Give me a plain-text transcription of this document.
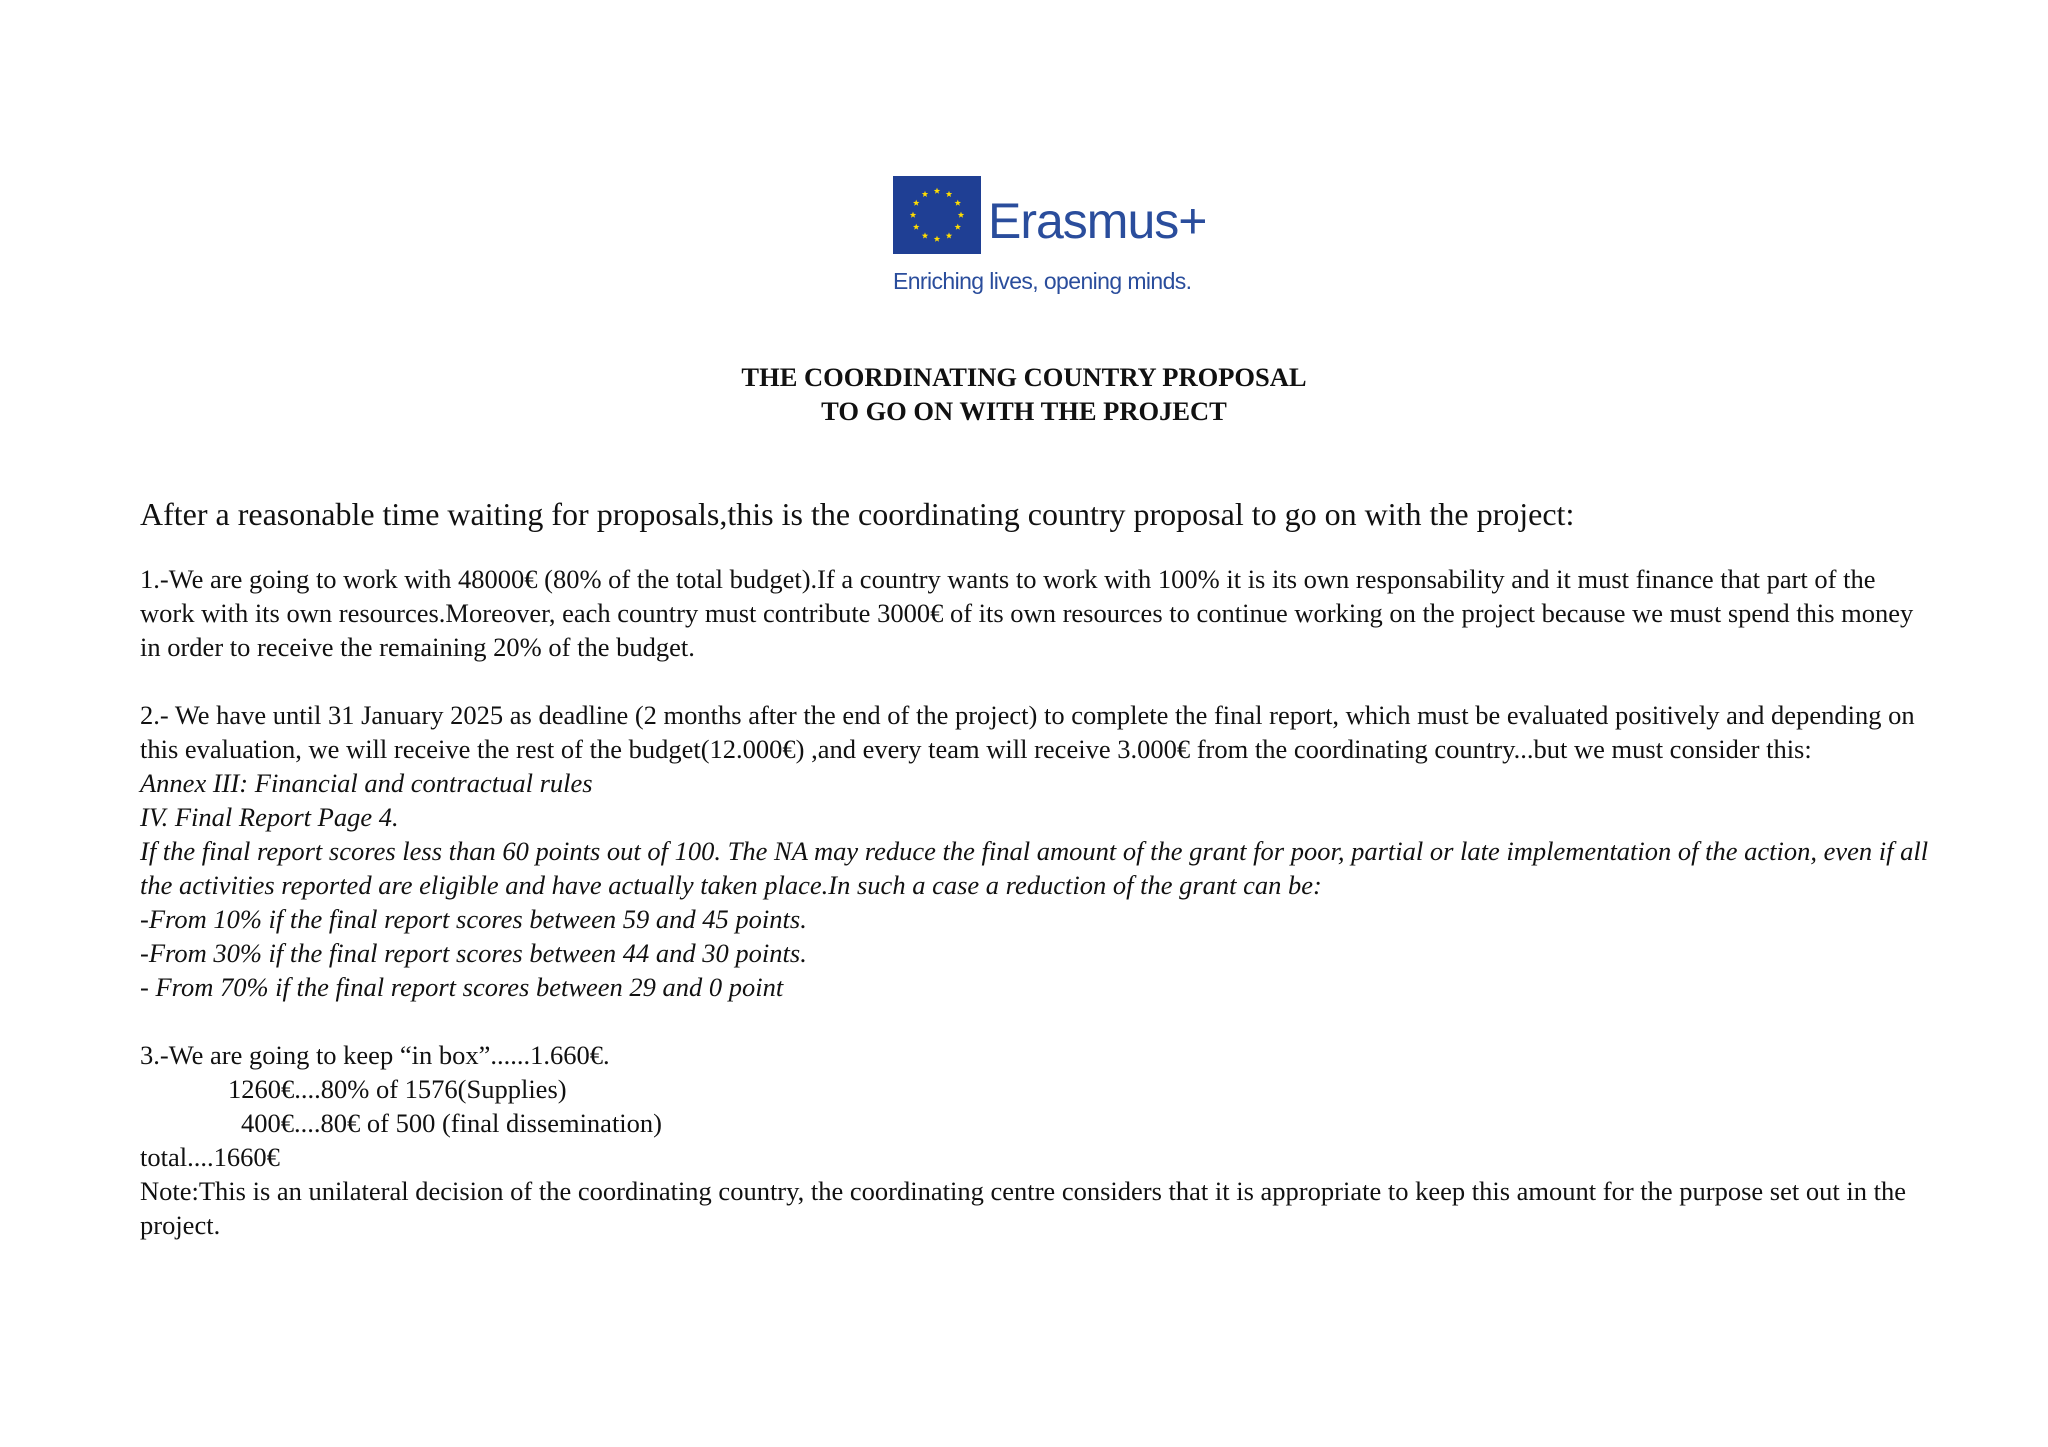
Erasmus+
Enriching lives, opening minds.
THE COORDINATING COUNTRY PROPOSAL
TO GO ON WITH THE PROJECT

After a reasonable time waiting for proposals,this is the coordinating country proposal to go on with the project:

1.-We are going to work with 48000€ (80% of the total budget).If a country wants to work with 100% it is its own responsability and it must finance that part of the work with its own resources.Moreover, each country must contribute 3000€ of its own resources to continue working on the project because we must spend this money in order to receive the remaining 20% of the budget.

2.- We have until 31 January 2025 as deadline (2 months after the end of the project) to complete the final report, which must be evaluated positively and depending on this evaluation, we will receive the rest of the budget(12.000€) ,and every team will receive 3.000€ from the coordinating country...but we must consider this:

Annex III: Financial and contractual rules

IV. Final Report Page 4.

If the final report scores less than 60 points out of 100. The NA may reduce the final amount of the grant for poor, partial or late implementation of the action, even if all the activities reported are eligible and have actually taken place.In such a case a reduction of the grant can be:

-From 10% if the final report scores between 59 and 45 points.

-From 30% if the final report scores between 44 and 30 points.

- From 70% if the final report scores between 29 and 0 point

3.-We are going to keep “in box”......1.660€.

1260€....80% of 1576(Supplies)

400€....80€ of 500 (final dissemination)

total....1660€

Note:This is an unilateral decision of the coordinating country, the coordinating centre considers that it is appropriate to keep this amount for the purpose set out in the project.
